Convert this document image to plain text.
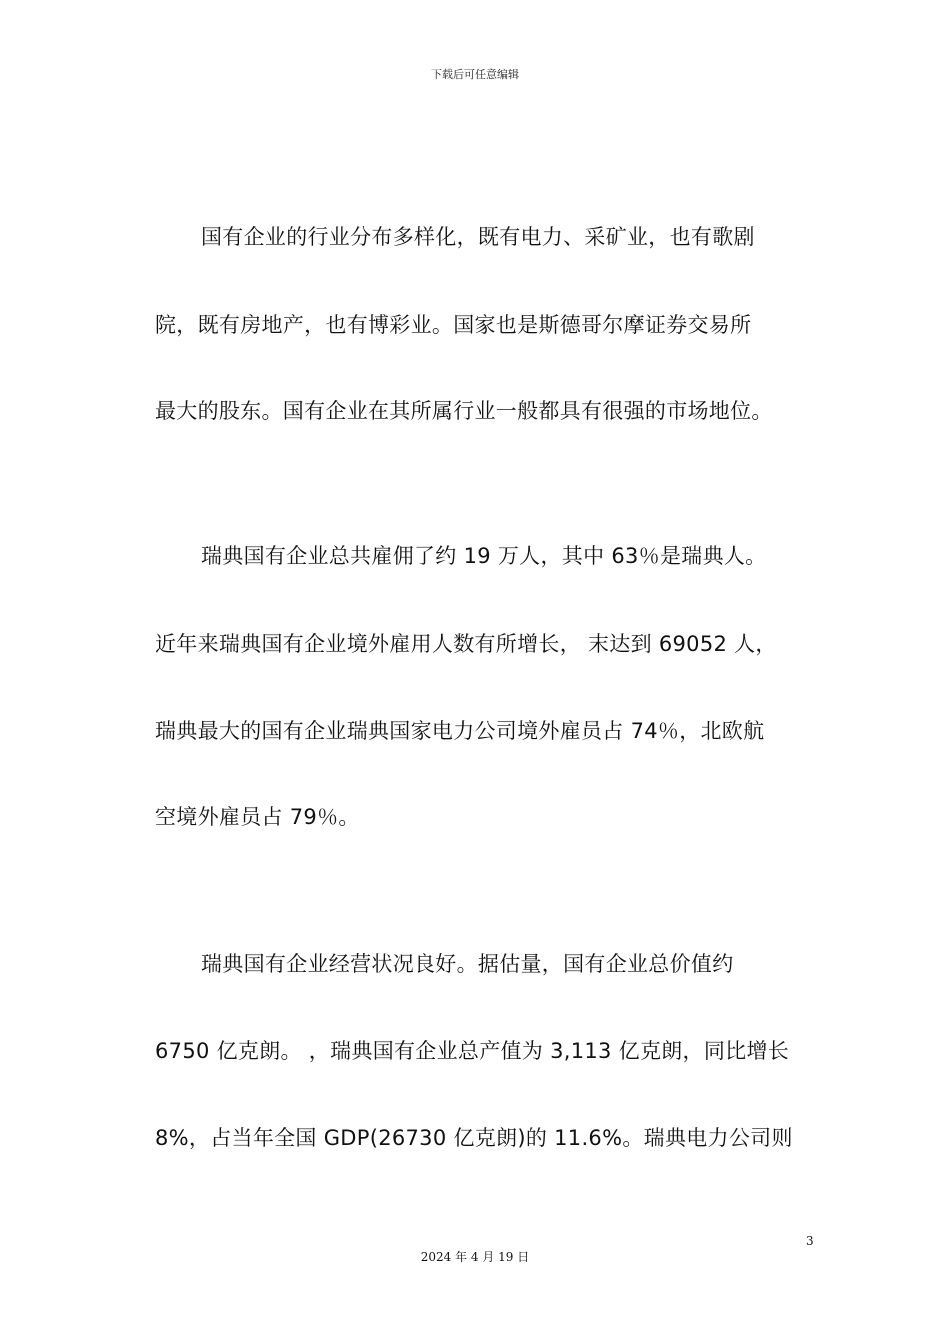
下载后可任意编辑
国有企业的行业分布多样化，既有电力、采矿业，也有歌剧
院，既有房地产，也有博彩业。国家也是斯德哥尔摩证券交易所
最大的股东。国有企业在其所属行业一般都具有很强的市场地位。
瑞典国有企业总共雇佣了约 19 万人，其中 63％是瑞典人。
近年来瑞典国有企业境外雇用人数有所增长， 末达到 69052 人，
瑞典最大的国有企业瑞典国家电力公司境外雇员占 74％，北欧航
空境外雇员占 79％。
瑞典国有企业经营状况良好。据估量，国有企业总价值约
6750 亿克朗。 ，瑞典国有企业总产值为 3,113 亿克朗，同比增长
8%，占当年全国 GDP(26730 亿克朗)的 11.6%。瑞典电力公司则
3
2024 年 4 月 19 日
